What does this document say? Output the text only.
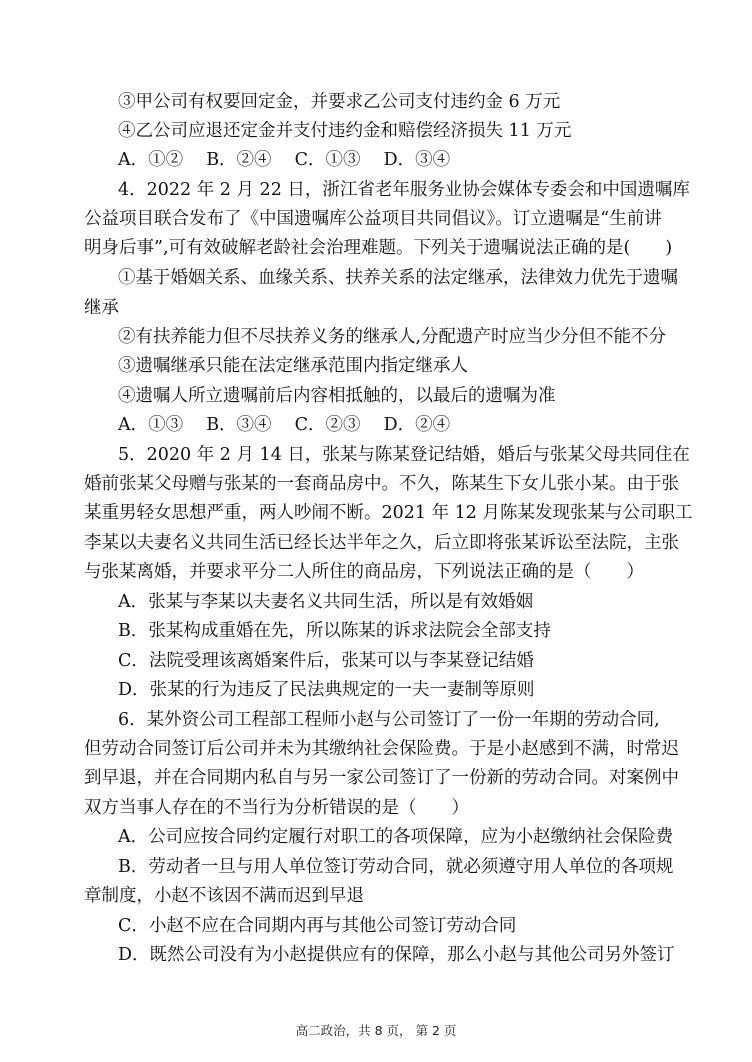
③甲公司有权要回定金，并要求乙公司支付违约金 6 万元
④乙公司应退还定金并支付违约金和赔偿经济损失 11 万元
A．①②　 B．②④　 C．①③　 D．③④
4．2022 年 2 月 22 日，浙江省老年服务业协会媒体专委会和中国遗嘱库
公益项目联合发布了《中国遗嘱库公益项目共同倡议》。订立遗嘱是“生前讲
明身后事”,可有效破解老龄社会治理难题。下列关于遗嘱说法正确的是(　　)
①基于婚姻关系、血缘关系、扶养关系的法定继承，法律效力优先于遗嘱
继承
②有扶养能力但不尽扶养义务的继承人,分配遗产时应当少分但不能不分
③遗嘱继承只能在法定继承范围内指定继承人
④遗嘱人所立遗嘱前后内容相抵触的，以最后的遗嘱为准
A．①③　 B．③④　 C．②③　 D．②④
5．2020 年 2 月 14 日，张某与陈某登记结婚，婚后与张某父母共同住在
婚前张某父母赠与张某的一套商品房中。不久，陈某生下女儿张小某。由于张
某重男轻女思想严重，两人吵闹不断。2021 年 12 月陈某发现张某与公司职工
李某以夫妻名义共同生活已经长达半年之久，后立即将张某诉讼至法院，主张
与张某离婚，并要求平分二人所住的商品房，下列说法正确的是（　　）
A．张某与李某以夫妻名义共同生活，所以是有效婚姻
B．张某构成重婚在先，所以陈某的诉求法院会全部支持
C．法院受理该离婚案件后，张某可以与李某登记结婚
D．张某的行为违反了民法典规定的一夫一妻制等原则
6．某外资公司工程部工程师小赵与公司签订了一份一年期的劳动合同,
但劳动合同签订后公司并未为其缴纳社会保险费。于是小赵感到不满，时常迟
到早退，并在合同期内私自与另一家公司签订了一份新的劳动合同。对案例中
双方当事人存在的不当行为分析错误的是（　　）
A．公司应按合同约定履行对职工的各项保障，应为小赵缴纳社会保险费
B．劳动者一旦与用人单位签订劳动合同，就必须遵守用人单位的各项规
章制度，小赵不该因不满而迟到早退
C．小赵不应在合同期内再与其他公司签订劳动合同
D．既然公司没有为小赵提供应有的保障，那么小赵与其他公司另外签订
高二政治，共 8 页， 第 2 页
